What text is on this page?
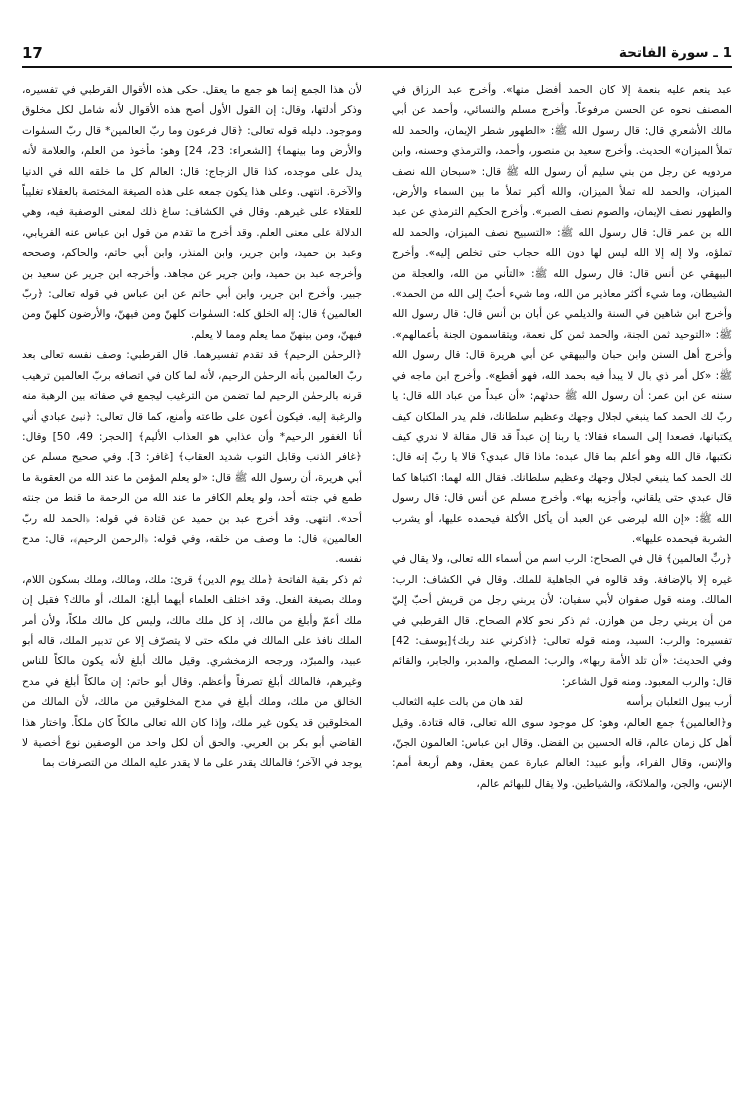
17	1 ـ سورة الفاتحة

عبد ينعم عليه بنعمة إلا كان الحمد أفضل منها». وأخرج عبد الرزاق في المصنف نحوه عن الحسن مرفوعاً. وأخرج مسلم والنسائي، وأحمد عن أبي مالك الأشعري قال: قال رسول الله ﷺ: «الطهور شطر الإيمان، والحمد لله تملأ الميزان» الحديث. وأخرج سعيد بن منصور، وأحمد، والترمذي وحسنه، وابن مردويه عن رجل من بني سليم أن رسول الله ﷺ قال: «سبحان الله نصف الميزان، والحمد لله تملأ الميزان، والله أكبر تملأ ما بين السماء والأرض، والطهور نصف الإيمان، والصوم نصف الصبر». وأخرج الحكيم الترمذي عن عبد الله بن عمر قال: قال رسول الله ﷺ: «التسبيح نصف الميزان، والحمد لله تملؤه، ولا إله إلا الله ليس لها دون الله حجاب حتى تخلص إليه». وأخرج البيهقي عن أنس قال: قال رسول الله ﷺ: «التأني من الله، والعجلة من الشيطان، وما شيء أكثر معاذير من الله، وما شيء أحبّ إلى الله من الحمد». وأخرج ابن شاهين في السنة والديلمي عن أبان بن أنس قال: قال رسول الله ﷺ: «التوحيد ثمن الجنة، والحمد ثمن كل نعمة، ويتقاسمون الجنة بأعمالهم». وأخرج أهل السنن وابن حبان والبيهقي عن أبي هريرة قال: قال رسول الله ﷺ: «كل أمر ذي بال لا يبدأ فيه بحمد الله، فهو أقطع». وأخرج ابن ماجه في سننه عن ابن عمر: أن رسول الله ﷺ حدثهم: «أن عبداً من عباد الله قال: يا ربّ لك الحمد كما ينبغي لجلال وجهك وعظيم سلطانك، فلم يدر الملكان كيف يكتبانها، فصعدا إلى السماء فقالا: يا ربنا إن عبداً قد قال مقالة لا ندري كيف نكتبها، قال الله وهو أعلم بما قال عبده: ماذا قال عبدي؟ قالا يا ربّ إنه قال: لك الحمد كما ينبغي لجلال وجهك وعظيم سلطانك. فقال الله لهما: اكتباها كما قال عبدي حتى يلقاني، وأجزيه بها». وأخرج مسلم عن أنس قال: قال رسول الله ﷺ: «إن الله ليرضى عن العبد أن يأكل الأكلة فيحمده عليها، أو يشرب الشربة فيحمده عليها».

﴿ربِّ العالمين﴾ قال في الصحاح: الرب اسم من أسماء الله تعالى، ولا يقال في غيره إلا بالإضافة. وقد قالوه في الجاهلية للملك. وقال في الكشاف: الرب: المالك. ومنه قول صفوان لأبي سفيان: لأن يربني رجل من قريش أحبّ إليّ من أن يربني رجل من هوازن. ثم ذكر نحو كلام الصحاح. قال القرطبي في تفسيره: والرب: السيد، ومنه قوله تعالى: ﴿اذكرني عند ربك﴾[يوسف: 42] وفي الحديث: «أن تلد الأمة ربها»، والرب: المصلح، والمدبر، والجابر، والقائم قال: والرب المعبود. ومنه قول الشاعر:

أرب يبول الثعلبان برأسه
لقد هان من بالت عليه الثعالب

و﴿العالمين﴾ جمع العالم، وهو: كل موجود سوى الله تعالى، قاله قتادة. وقيل أهل كل زمان عالم، قاله الحسين بن الفضل. وقال ابن عباس: العالمون الجنّ، والإنس، وقال الفراء، وأبو عبيد: العالم عبارة عمن يعقل، وهم أربعة أمم: الإنس، والجن، والملائكة، والشياطين. ولا يقال للبهائم عالم،

لأن هذا الجمع إنما هو جمع ما يعقل. حكى هذه الأقوال القرطبي في تفسيره، وذكر أدلتها، وقال: إن القول الأول أصح هذه الأقوال لأنه شامل لكل مخلوق وموجود. دليله قوله تعالى: ﴿قال فرعون وما ربّ العالمين* قال ربّ السمٰوات والأرض وما بينهما﴾ [الشعراء: 23، 24] وهو: مأخوذ من العلم، والعلامة لأنه يدل على موجده، كذا قال الزجاج: قال: العالم كل ما خلقه الله في الدنيا والآخرة. انتهى. وعلى هذا يكون جمعه على هذه الصيغة المختصة بالعقلاء تغليباً للعقلاء على غيرهم. وقال في الكشاف: ساغ ذلك لمعنى الوصفية فيه، وهي الدلالة على معنى العلم. وقد أخرج ما تقدم من قول ابن عباس عنه الفريابي، وعبد بن حميد، وابن جرير، وابن المنذر، وابن أبي حاتم، والحاكم، وصححه وأخرجه عبد بن حميد، وابن جرير عن مجاهد. وأخرجه ابن جرير عن سعيد بن جبير. وأخرج ابن جرير، وابن أبي حاتم عن ابن عباس في قوله تعالى: ﴿ربّ العالمين﴾ قال: إله الخلق كله: السمٰوات كلهنّ ومن فيهنّ، والأرضون كلهنّ ومن فيهنّ، ومن بينهنّ مما يعلم ومما لا يعلم.

﴿الرحمٰن الرحيم﴾ قد تقدم تفسيرهما. قال القرطبي: وصف نفسه تعالى بعد ربّ العالمين بأنه الرحمٰن الرحيم، لأنه لما كان في اتصافه بربّ العالمين ترهيب قرنه بالرحمٰن الرحيم لما تضمن من الترغيب ليجمع في صفاته بين الرهبة منه والرغبة إليه. فيكون أعون على طاعته وأمنع، كما قال تعالى: ﴿نبئ عبادي أني أنا الغفور الرحيم* وأن عذابي هو العذاب الأليم﴾ [الحجر: 49، 50] وقال: ﴿غافر الذنب وقابل التوب شديد العقاب﴾ [غافر: 3]. وفي صحيح مسلم عن أبي هريرة، أن رسول الله ﷺ قال: «لو يعلم المؤمن ما عند الله من العقوبة ما طمع في جنته أحد، ولو يعلم الكافر ما عند الله من الرحمة ما قنط من جنته أحد». انتهى. وقد أخرج عبد بن حميد عن قتادة في قوله: ﴿الحمد لله ربّ العالمين﴾ قال: ما وصف من خلقه، وفي قوله: ﴿الرحمن الرحيم﴾، قال: مدح نفسه.

ثم ذكر بقية الفاتحة ﴿ملك يوم الدين﴾ قرئ: ملك، ومالك، وملك بسكون اللام، وملك بصيغة الفعل. وقد اختلف العلماء أيهما أبلغ: الملك، أو مالك؟ فقيل إن ملك أعمّ وأبلغ من مالك، إذ كل ملك مالك، وليس كل مالك ملكاً، ولأن أمر الملك نافذ على المالك في ملكه حتى لا يتصرّف إلا عن تدبير الملك، قاله أبو عبيد، والمبرّد، ورجحه الزمخشري. وقيل مالك أبلغ لأنه يكون مالكاً للناس وغيرهم، فالمالك أبلغ تصرفاً وأعظم. وقال أبو حاتم: إن مالكاً أبلغ في مدح الخالق من ملك، وملك أبلغ في مدح المخلوقين من مالك، لأن المالك من المخلوقين قد يكون غير ملك، وإذا كان الله تعالى مالكاً كان ملكاً. واختار هذا القاضي أبو بكر بن العربي. والحق أن لكل واحد من الوصفين نوع أخصية لا يوجد في الآخر؛ فالمالك يقدر على ما لا يقدر عليه الملك من التصرفات بما
